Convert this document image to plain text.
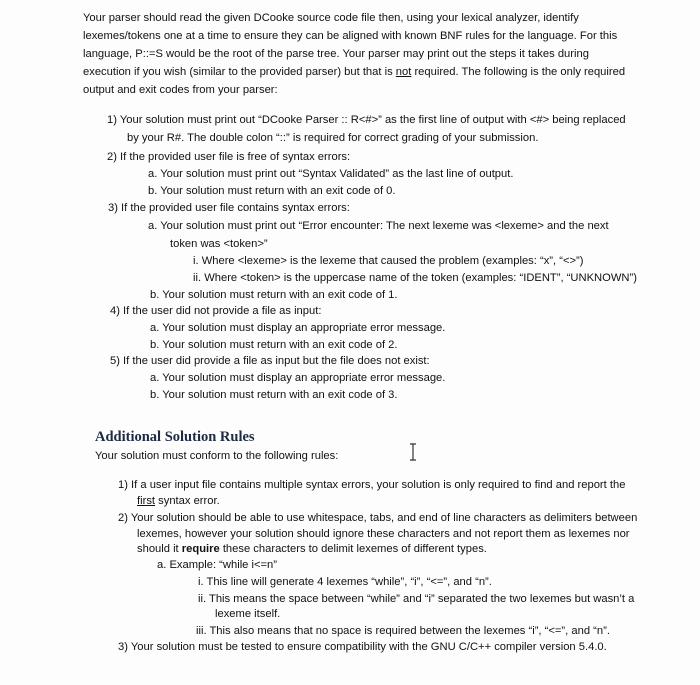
Your parser should read the given DCooke source code file then, using your lexical analyzer, identify
lexemes/tokens one at a time to ensure they can be aligned with known BNF rules for the language. For this
language, P::=S would be the root of the parse tree. Your parser may print out the steps it takes during
execution if you wish (similar to the provided parser) but that is not required. The following is the only required
output and exit codes from your parser:
1) Your solution must print out “DCooke Parser :: R<#>” as the first line of output with <#> being replaced
by your R#. The double colon “::” is required for correct grading of your submission.
2) If the provided user file is free of syntax errors:
a. Your solution must print out “Syntax Validated” as the last line of output.
b. Your solution must return with an exit code of 0.
3) If the provided user file contains syntax errors:
a. Your solution must print out “Error encounter: The next lexeme was <lexeme> and the next
token was <token>”
i. Where <lexeme> is the lexeme that caused the problem (examples: “x”, “<>”)
ii. Where <token> is the uppercase name of the token (examples: “IDENT”, “UNKNOWN”)
b. Your solution must return with an exit code of 1.
4) If the user did not provide a file as input:
a. Your solution must display an appropriate error message.
b. Your solution must return with an exit code of 2.
5) If the user did provide a file as input but the file does not exist:
a. Your solution must display an appropriate error message.
b. Your solution must return with an exit code of 3.
Additional Solution Rules
Your solution must conform to the following rules:
1) If a user input file contains multiple syntax errors, your solution is only required to find and report the
first syntax error.
2) Your solution should be able to use whitespace, tabs, and end of line characters as delimiters between
lexemes, however your solution should ignore these characters and not report them as lexemes nor
should it require these characters to delimit lexemes of different types.
a. Example: “while i<=n”
i. This line will generate 4 lexemes “while”, “i”, “<=”, and “n”.
ii. This means the space between “while” and “i” separated the two lexemes but wasn’t a
lexeme itself.
iii. This also means that no space is required between the lexemes “i”, “<=”, and “n”.
3) Your solution must be tested to ensure compatibility with the GNU C/C++ compiler version 5.4.0.
